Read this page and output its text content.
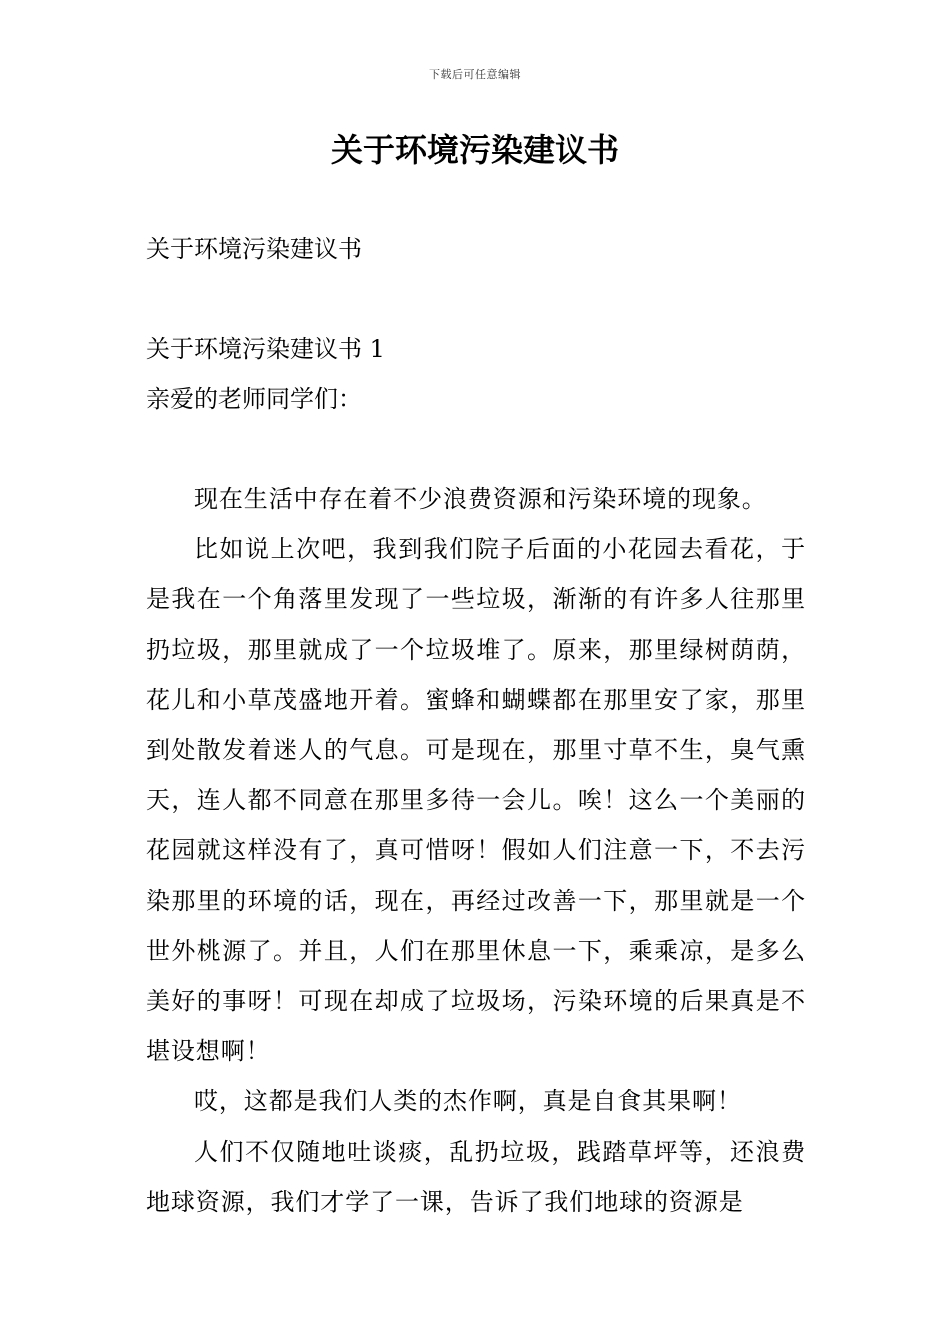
下载后可任意编辑
关于环境污染建议书

关于环境污染建议书

关于环境污染建议书 1

亲爱的老师同学们：

现在生活中存在着不少浪费资源和污染环境的现象。

比如说上次吧，我到我们院子后面的小花园去看花，于是我在一个角落里发现了一些垃圾，渐渐的有许多人往那里扔垃圾，那里就成了一个垃圾堆了。原来，那里绿树荫荫，花儿和小草茂盛地开着。蜜蜂和蝴蝶都在那里安了家，那里到处散发着迷人的气息。可是现在，那里寸草不生，臭气熏天，连人都不同意在那里多待一会儿。唉！这么一个美丽的花园就这样没有了，真可惜呀！假如人们注意一下，不去污染那里的环境的话，现在，再经过改善一下，那里就是一个世外桃源了。并且，人们在那里休息一下，乘乘凉，是多么美好的事呀！可现在却成了垃圾场，污染环境的后果真是不堪设想啊！

哎，这都是我们人类的杰作啊，真是自食其果啊！

人们不仅随地吐谈痰，乱扔垃圾，践踏草坪等，还浪费地球资源，我们才学了一课，告诉了我们地球的资源是
